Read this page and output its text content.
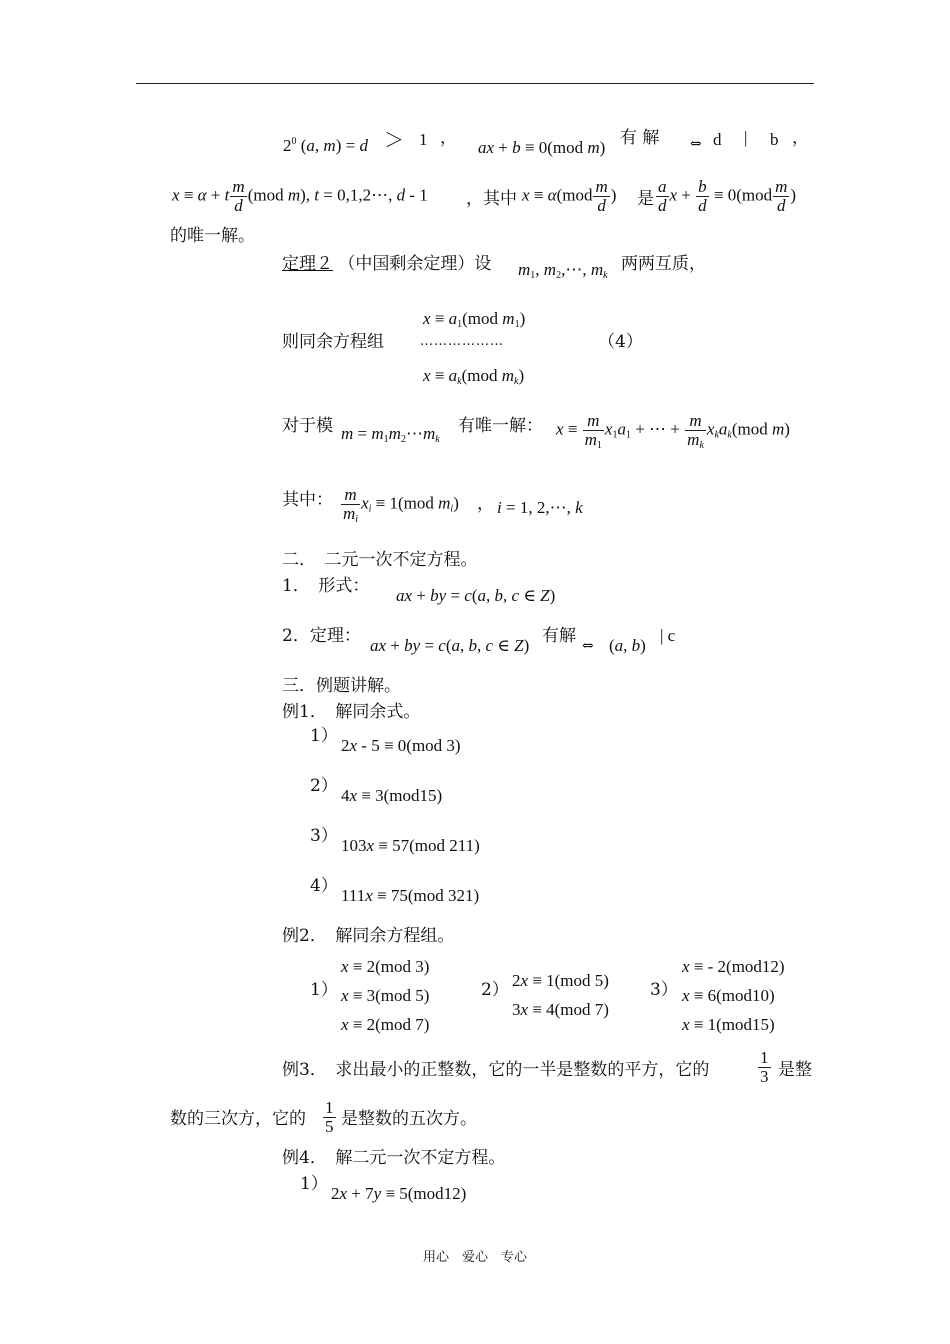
$2^0$ (a, m) = d ＞ 1 ， ax + b ≡ 0(mod m) 有 解 ⇔ d | b ，
x ≡ α + t $\frac{m}{d} (mod$ m), t = 0,1,2⋯, d - 1 ，其中 $x \equiv \alpha(mod \frac{m}{d}$ ) 是 $\frac{a}{d}$ $x + \frac{b}{d} \equiv 0(mod \frac{m}{d}$ )
的唯一解。
定理２ （中国剩余定理）设 $m_1$, $m_2,\cdots$, $m_k$
两两互质，
$x \equiv a_1(mod$ $m_1$)
则同余方程组	………………	（4）
$x \equiv a_k(mod$ $m_k$)
对于模 $m = m_1m_2\cdots m_k$
有唯一解： $x \equiv \frac{m}{m_1} x_1a_1$ + ⋯ + $\frac{m}{m_k} x_ka_k(mod$ m)
其中： $\frac{m}{m_i} x_i \equiv 1(mod$ $m_i$) ， i = 1, 2,⋯, k
二．　二元一次不定方程。
1．　形式： ax + by = c(a, b, c ∈ Z)
2．定理： ax + by = c(a, b, c ∈ Z) 有解 ⇔ (a, b)
| c
三．例题讲解。
例1．　解同余式。
1） 2x - 5 ≡ 0(mod 3)
2） 4x ≡ 3(mod15)
3） 103x ≡ 57(mod 211)
4） 111x ≡ 75(mod 321)
例2．　解同余方程组。
1）
x ≡ 2(mod 3)
x ≡ 3(mod 5)
x ≡ 2(mod 7)
2） 2x ≡ 1(mod 5)
3x ≡ 4(mod 7)
3）
x ≡ - 2(mod12)
x ≡ 6(mod10)
x ≡ 1(mod15)
例3．　求出最小的正整数，它的一半是整数的平方，它的	$\frac{1}{3}$ 是整
数的三次方，它的 $\frac{1}{5}$ 是整数的五次方。
例4．　解二元一次不定方程。
1） 2x + 7y ≡ 5(mod12)
用心　爱心　专心
